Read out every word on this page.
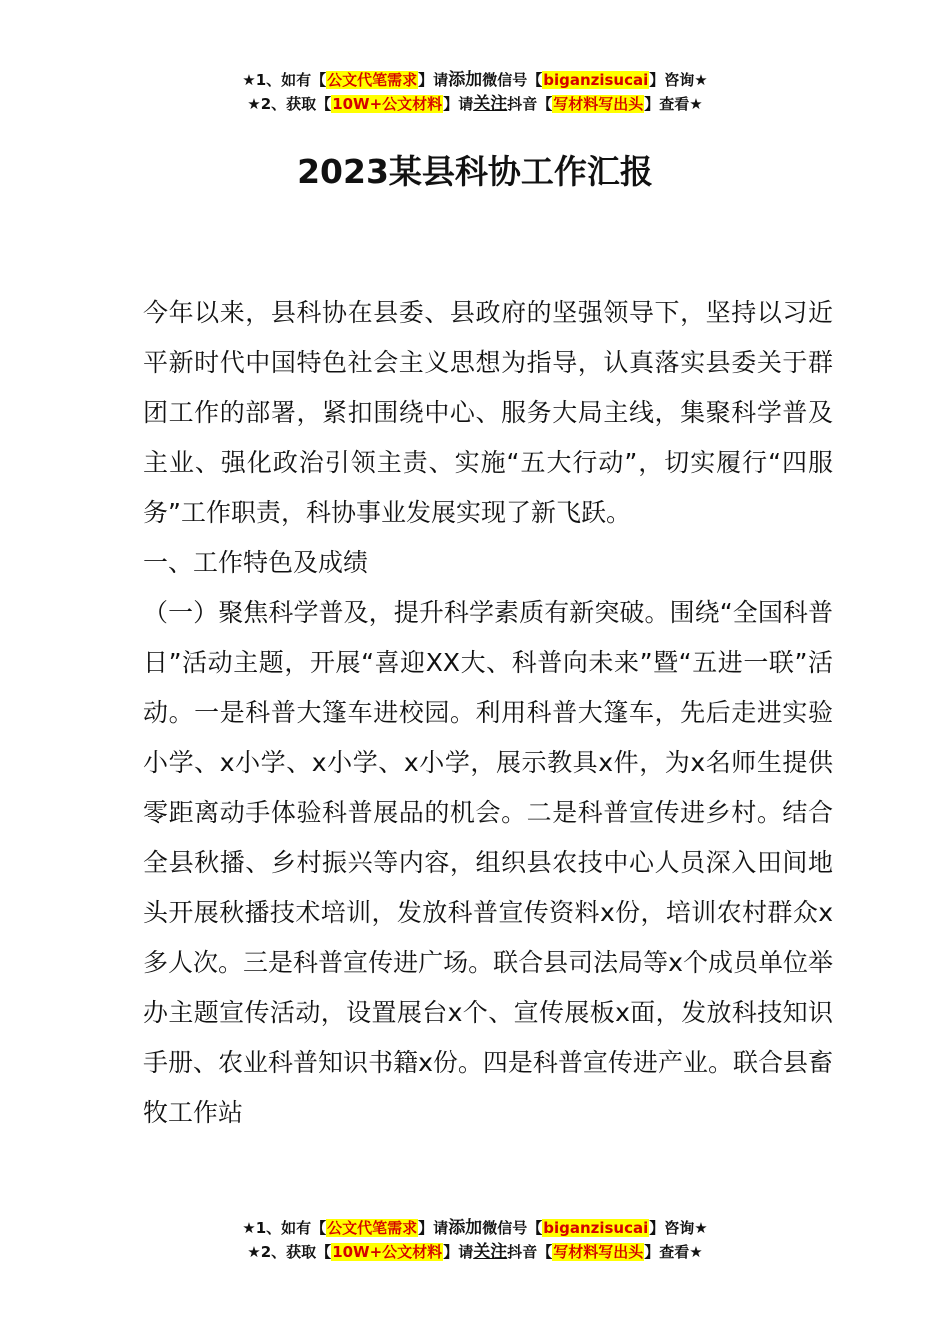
★1、如有【公文代笔需求】请添加微信号【biganzisucai】咨询★
★2、获取【10W+公文材料】请关注抖音【写材料写出头】查看★
2023某县科协工作汇报

今年以来，县科协在县委、县政府的坚强领导下，坚持以习近平新时代中国特色社会主义思想为指导，认真落实县委关于群团工作的部署，紧扣围绕中心、服务大局主线，集聚科学普及主业、强化政治引领主责、实施“五大行动”，切实履行“四服务”工作职责，科协事业发展实现了新飞跃。

一、工作特色及成绩

（一）聚焦科学普及，提升科学素质有新突破。围绕“全国科普日”活动主题，开展“喜迎XX大、科普向未来”暨“五进一联”活动。一是科普大篷车进校园。利用科普大篷车，先后走进实验小学、x小学、x小学、x小学，展示教具x件，为x名师生提供零距离动手体验科普展品的机会。二是科普宣传进乡村。结合全县秋播、乡村振兴等内容，组织县农技中心人员深入田间地头开展秋播技术培训，发放科普宣传资料x份，培训农村群众x多人次。三是科普宣传进广场。联合县司法局等x个成员单位举办主题宣传活动，设置展台x个、宣传展板x面，发放科技知识手册、农业科普知识书籍x份。四是科普宣传进产业。联合县畜牧工作站

★1、如有【公文代笔需求】请添加微信号【biganzisucai】咨询★
★2、获取【10W+公文材料】请关注抖音【写材料写出头】查看★
